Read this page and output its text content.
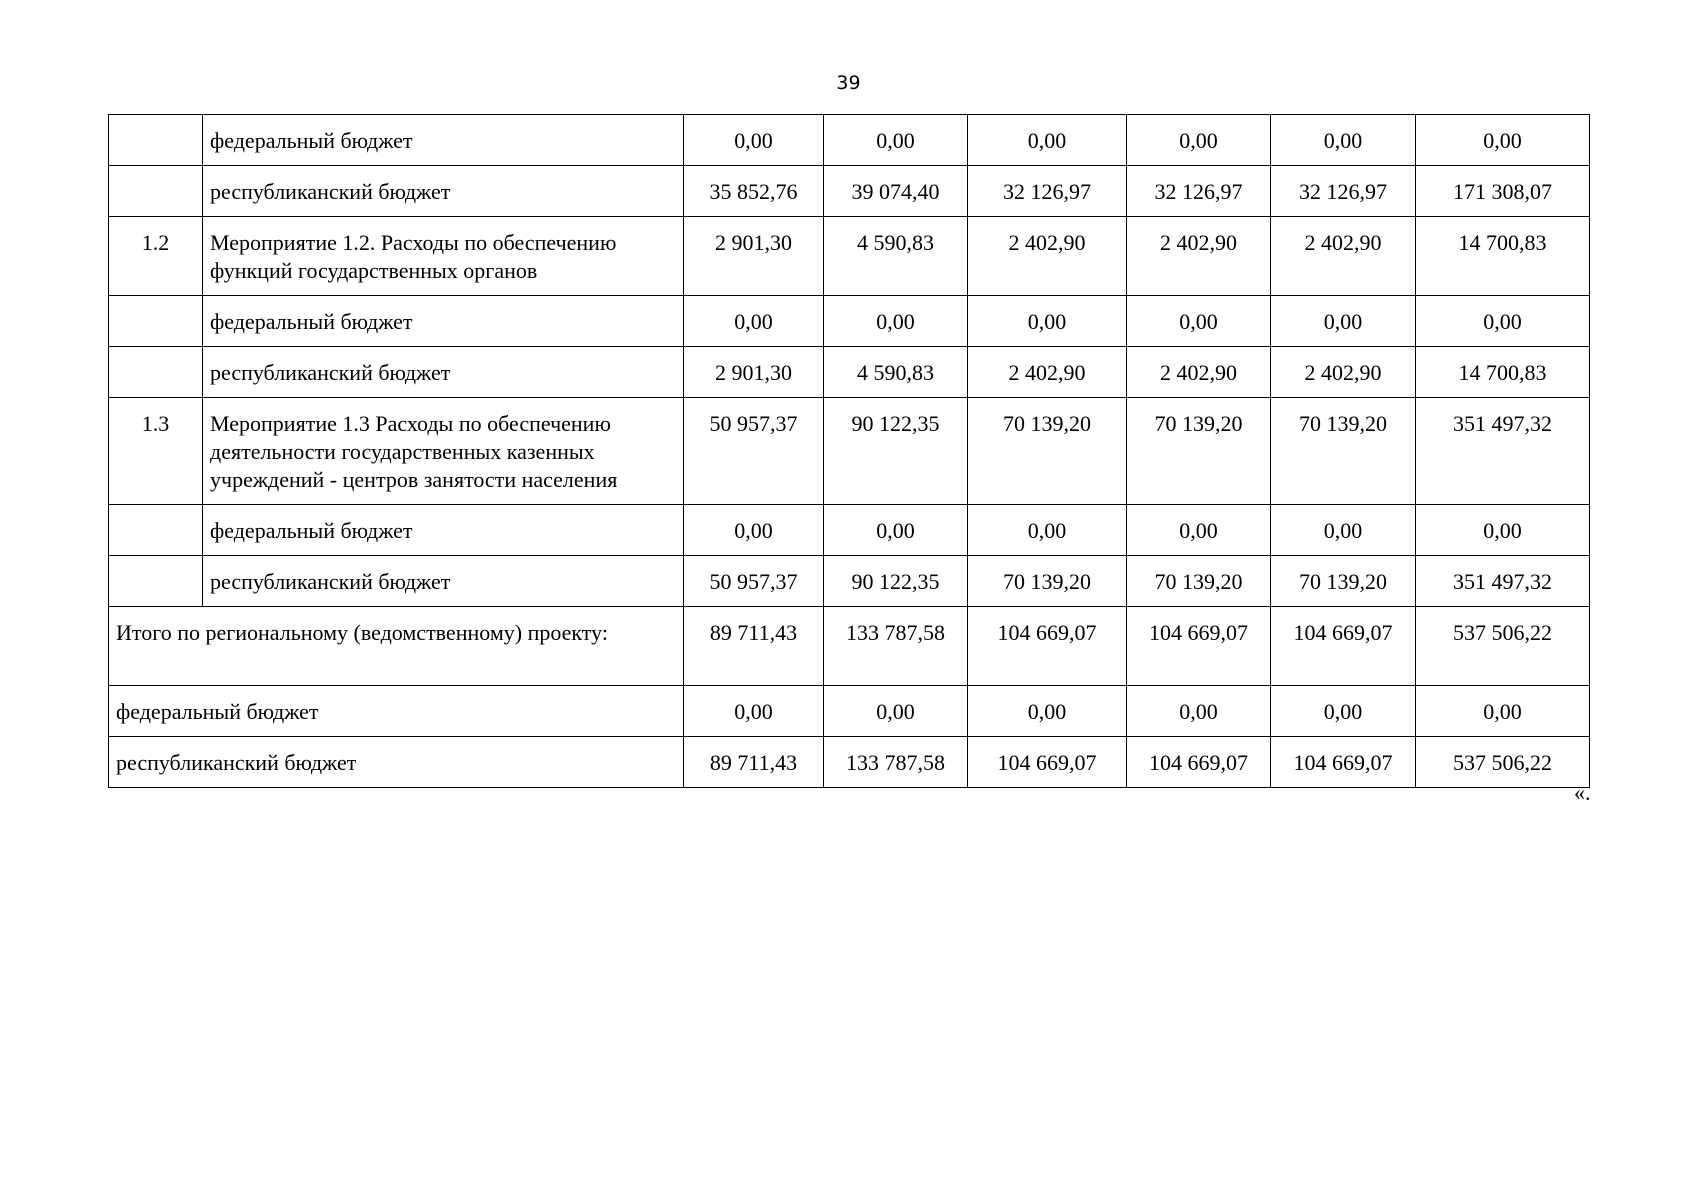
39
	федеральный бюджет	0,00	0,00	0,00	0,00	0,00	0,00
	республиканский бюджет	35 852,76	39 074,40	32 126,97	32 126,97	32 126,97	171 308,07
1.2	Мероприятие 1.2. Расходы по обеспечению функций государственных органов	2 901,30	4 590,83	2 402,90	2 402,90	2 402,90	14 700,83
	федеральный бюджет	0,00	0,00	0,00	0,00	0,00	0,00
	республиканский бюджет	2 901,30	4 590,83	2 402,90	2 402,90	2 402,90	14 700,83
1.3	Мероприятие 1.3 Расходы по обеспечению деятельности государственных казенных учреждений - центров занятости населения	50 957,37	90 122,35	70 139,20	70 139,20	70 139,20	351 497,32
	федеральный бюджет	0,00	0,00	0,00	0,00	0,00	0,00
	республиканский бюджет	50 957,37	90 122,35	70 139,20	70 139,20	70 139,20	351 497,32
Итого по региональному (ведомственному) проекту:		89 711,43	133 787,58	104 669,07	104 669,07	104 669,07	537 506,22
федеральный бюджет		0,00	0,00	0,00	0,00	0,00	0,00
республиканский бюджет		89 711,43	133 787,58	104 669,07	104 669,07	104 669,07	537 506,22
«.
